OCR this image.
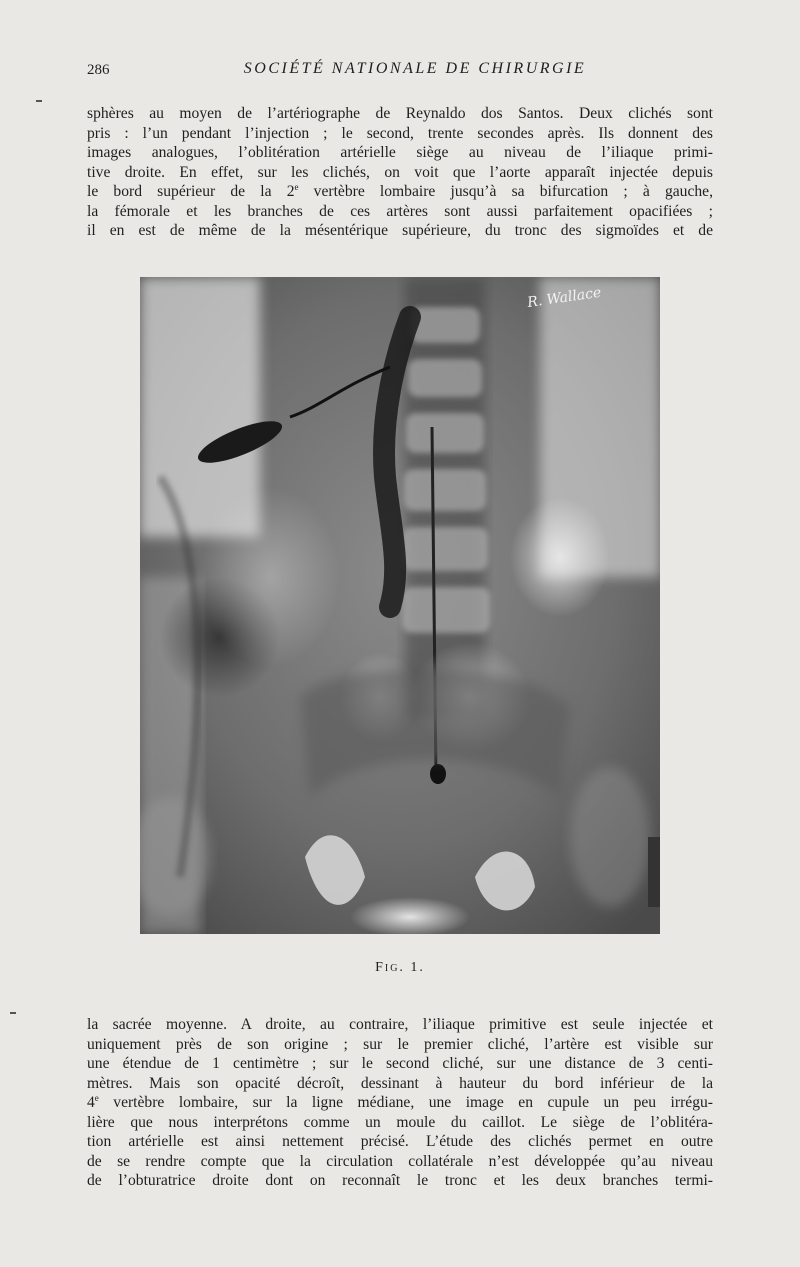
286	SOCIÉTÉ NATIONALE DE CHIRURGIE
sphères au moyen de l’artériographe de Reynaldo dos Santos. Deux clichés sont
pris : l’un pendant l’injection ; le second, trente secondes après. Ils donnent des
images analogues, l’oblitération artérielle siège au niveau de l’iliaque primi-
tive droite. En effet, sur les clichés, on voit que l’aorte apparaît injectée depuis
le bord supérieur de la 2e vertèbre lombaire jusqu’à sa bifurcation ; à gauche,
la fémorale et les branches de ces artères sont aussi parfaitement opacifiées ;
il en est de même de la mésentérique supérieure, du tronc des sigmoïdes et de
R. Wallace
Fig. 1.
la sacrée moyenne. A droite, au contraire, l’iliaque primitive est seule injectée et
uniquement près de son origine ; sur le premier cliché, l’artère est visible sur
une étendue de 1 centimètre ; sur le second cliché, sur une distance de 3 centi-
mètres. Mais son opacité décroît, dessinant à hauteur du bord inférieur de la
4e vertèbre lombaire, sur la ligne médiane, une image en cupule un peu irrégu-
lière que nous interprétons comme un moule du caillot. Le siège de l’oblitéra-
tion artérielle est ainsi nettement précisé. L’étude des clichés permet en outre
de se rendre compte que la circulation collatérale n’est développée qu’au niveau
de l’obturatrice droite dont on reconnaît le tronc et les deux branches termi-
